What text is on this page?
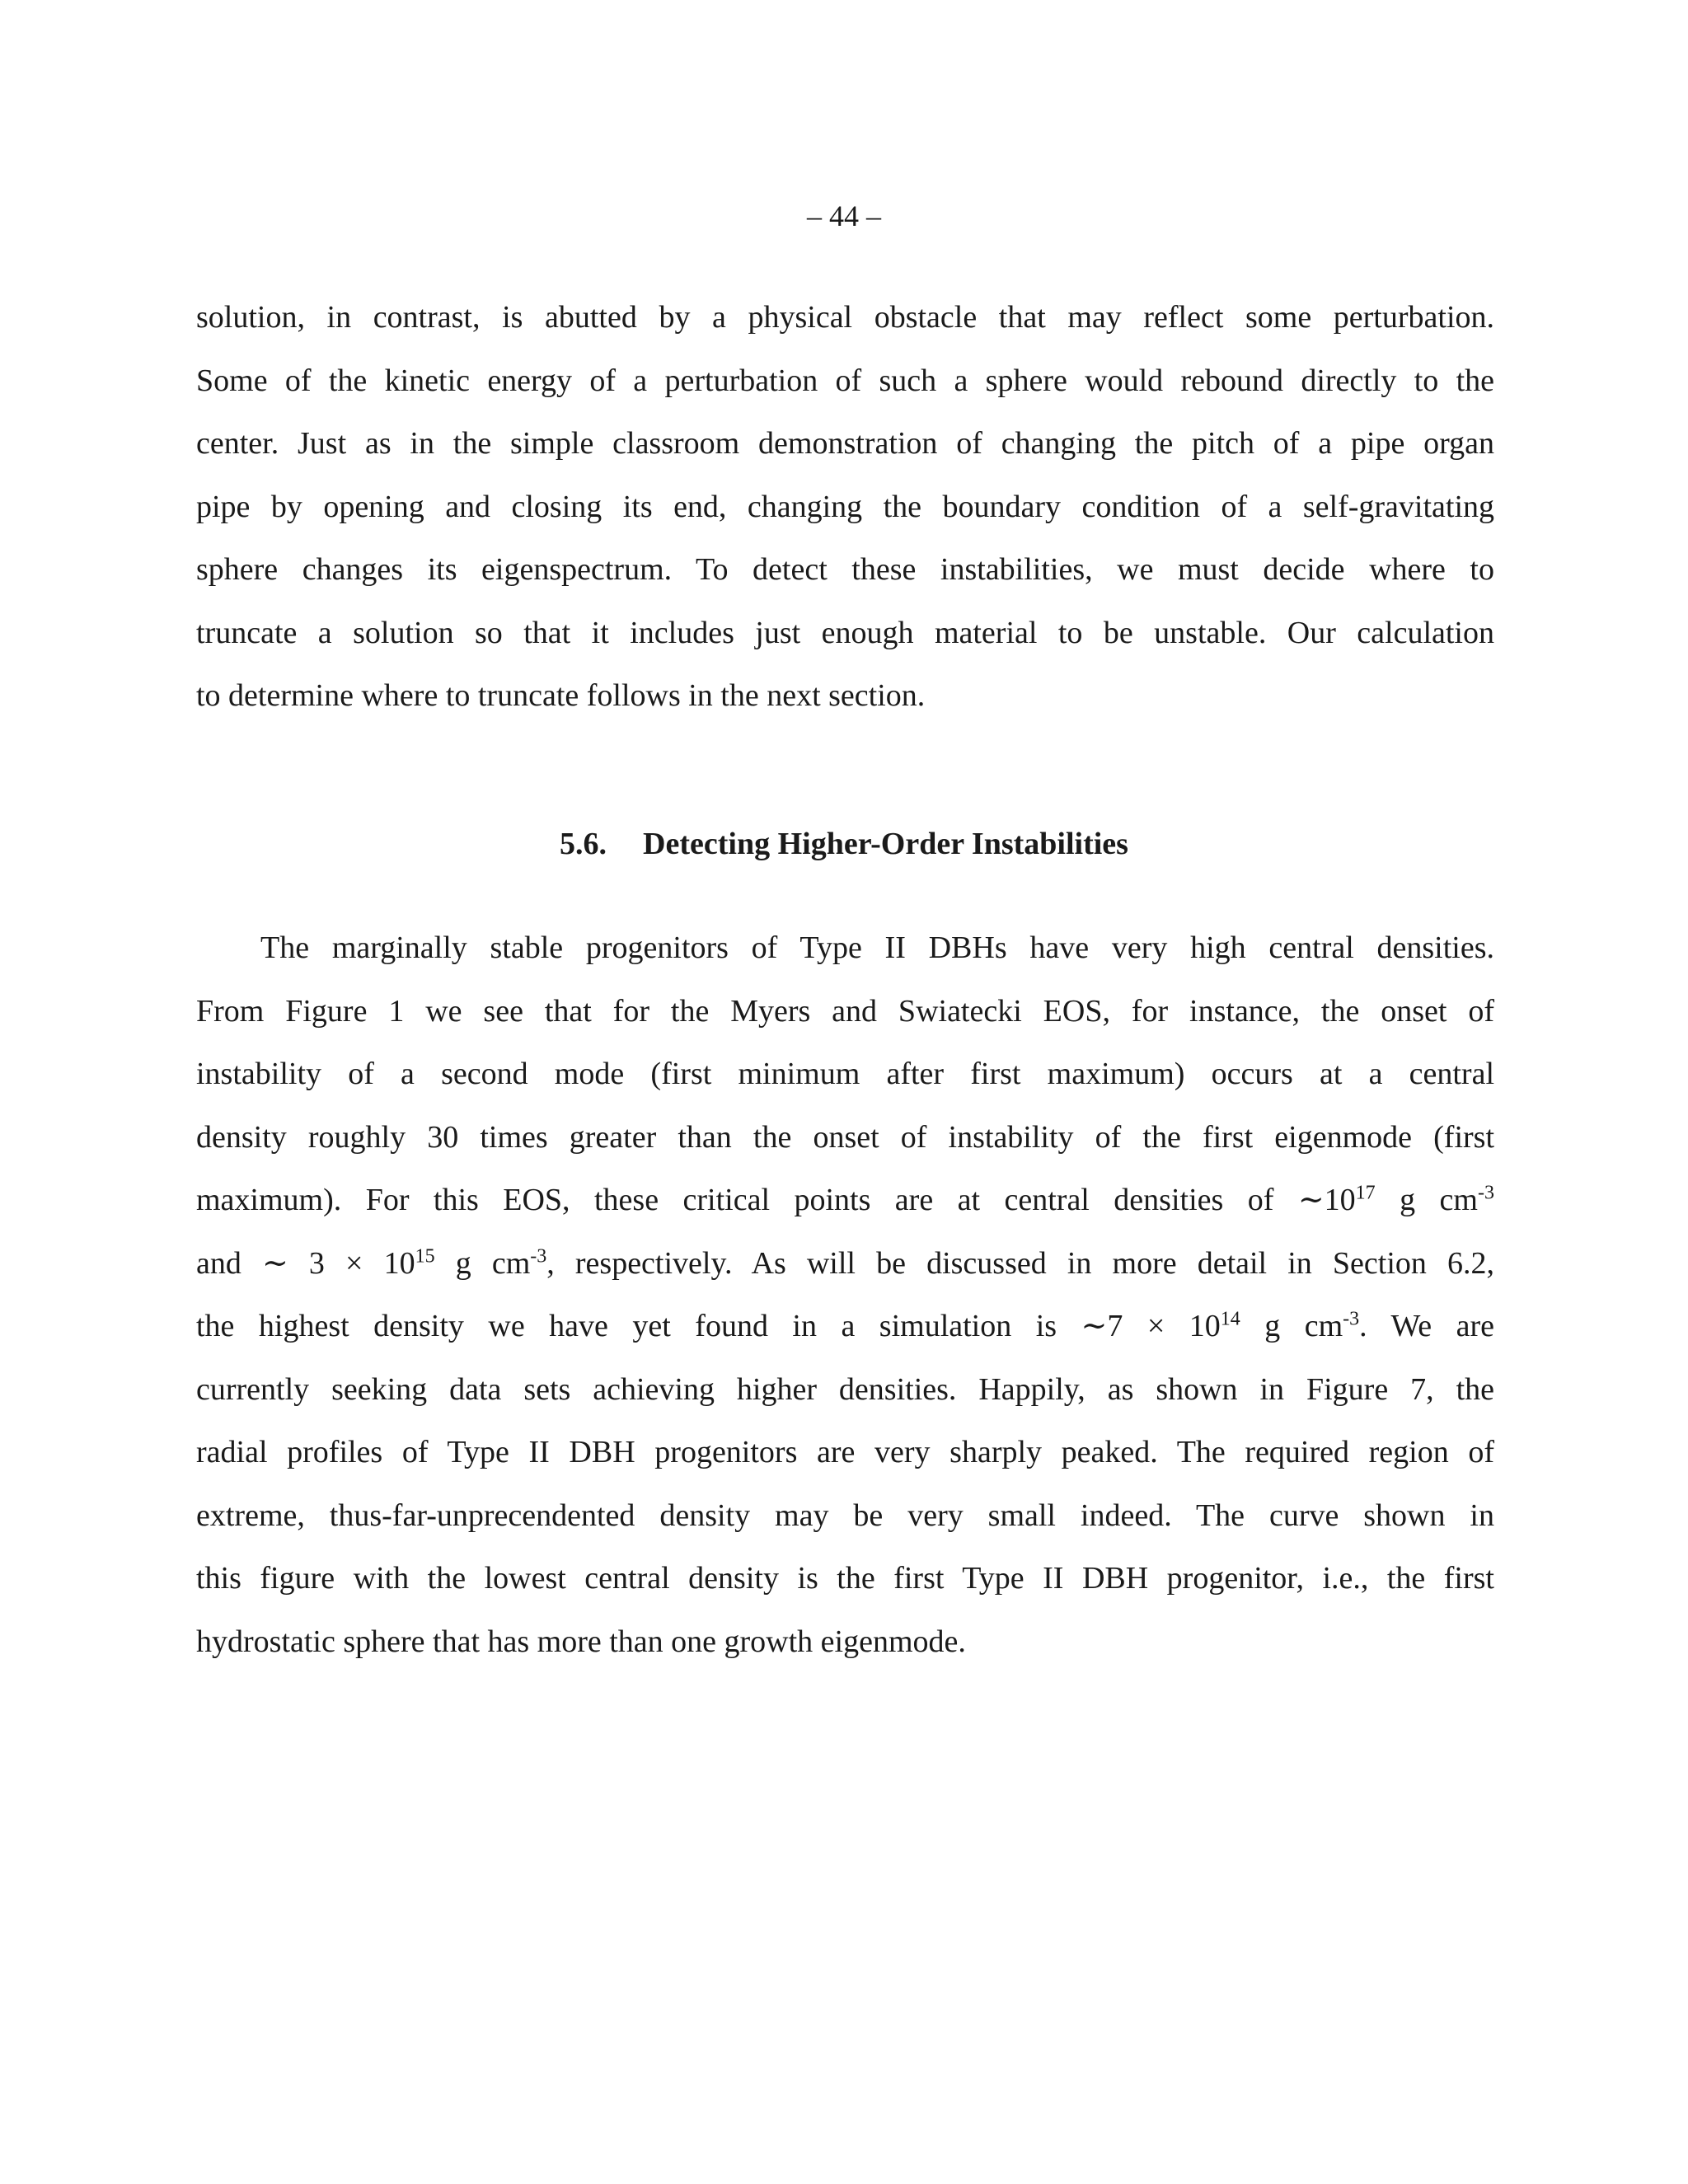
– 44 –
solution, in contrast, is abutted by a physical obstacle that may reflect some perturbation.
Some of the kinetic energy of a perturbation of such a sphere would rebound directly to the
center. Just as in the simple classroom demonstration of changing the pitch of a pipe organ
pipe by opening and closing its end, changing the boundary condition of a self-gravitating
sphere changes its eigenspectrum. To detect these instabilities, we must decide where to
truncate a solution so that it includes just enough material to be unstable. Our calculation
to determine where to truncate follows in the next section.
5.6. Detecting Higher-Order Instabilities
The marginally stable progenitors of Type II DBHs have very high central densities.
From Figure 1 we see that for the Myers and Swiatecki EOS, for instance, the onset of
instability of a second mode (first minimum after first maximum) occurs at a central
density roughly 30 times greater than the onset of instability of the first eigenmode (first
maximum). For this EOS, these critical points are at central densities of $\sim 10^{17}$ g $cm^{-3}$
and ∼ $3 \times 10^{15}$ g $cm^{-3}$, respectively. As will be discussed in more detail in Section 6.2,
the highest density we have yet found in a simulation is ∼7 × $10^{14}$ g $cm^{-3}$. We are
currently seeking data sets achieving higher densities. Happily, as shown in Figure 7, the
radial profiles of Type II DBH progenitors are very sharply peaked. The required region of
extreme, thus-far-unprecendented density may be very small indeed. The curve shown in
this figure with the lowest central density is the first Type II DBH progenitor, i.e., the first
hydrostatic sphere that has more than one growth eigenmode.
